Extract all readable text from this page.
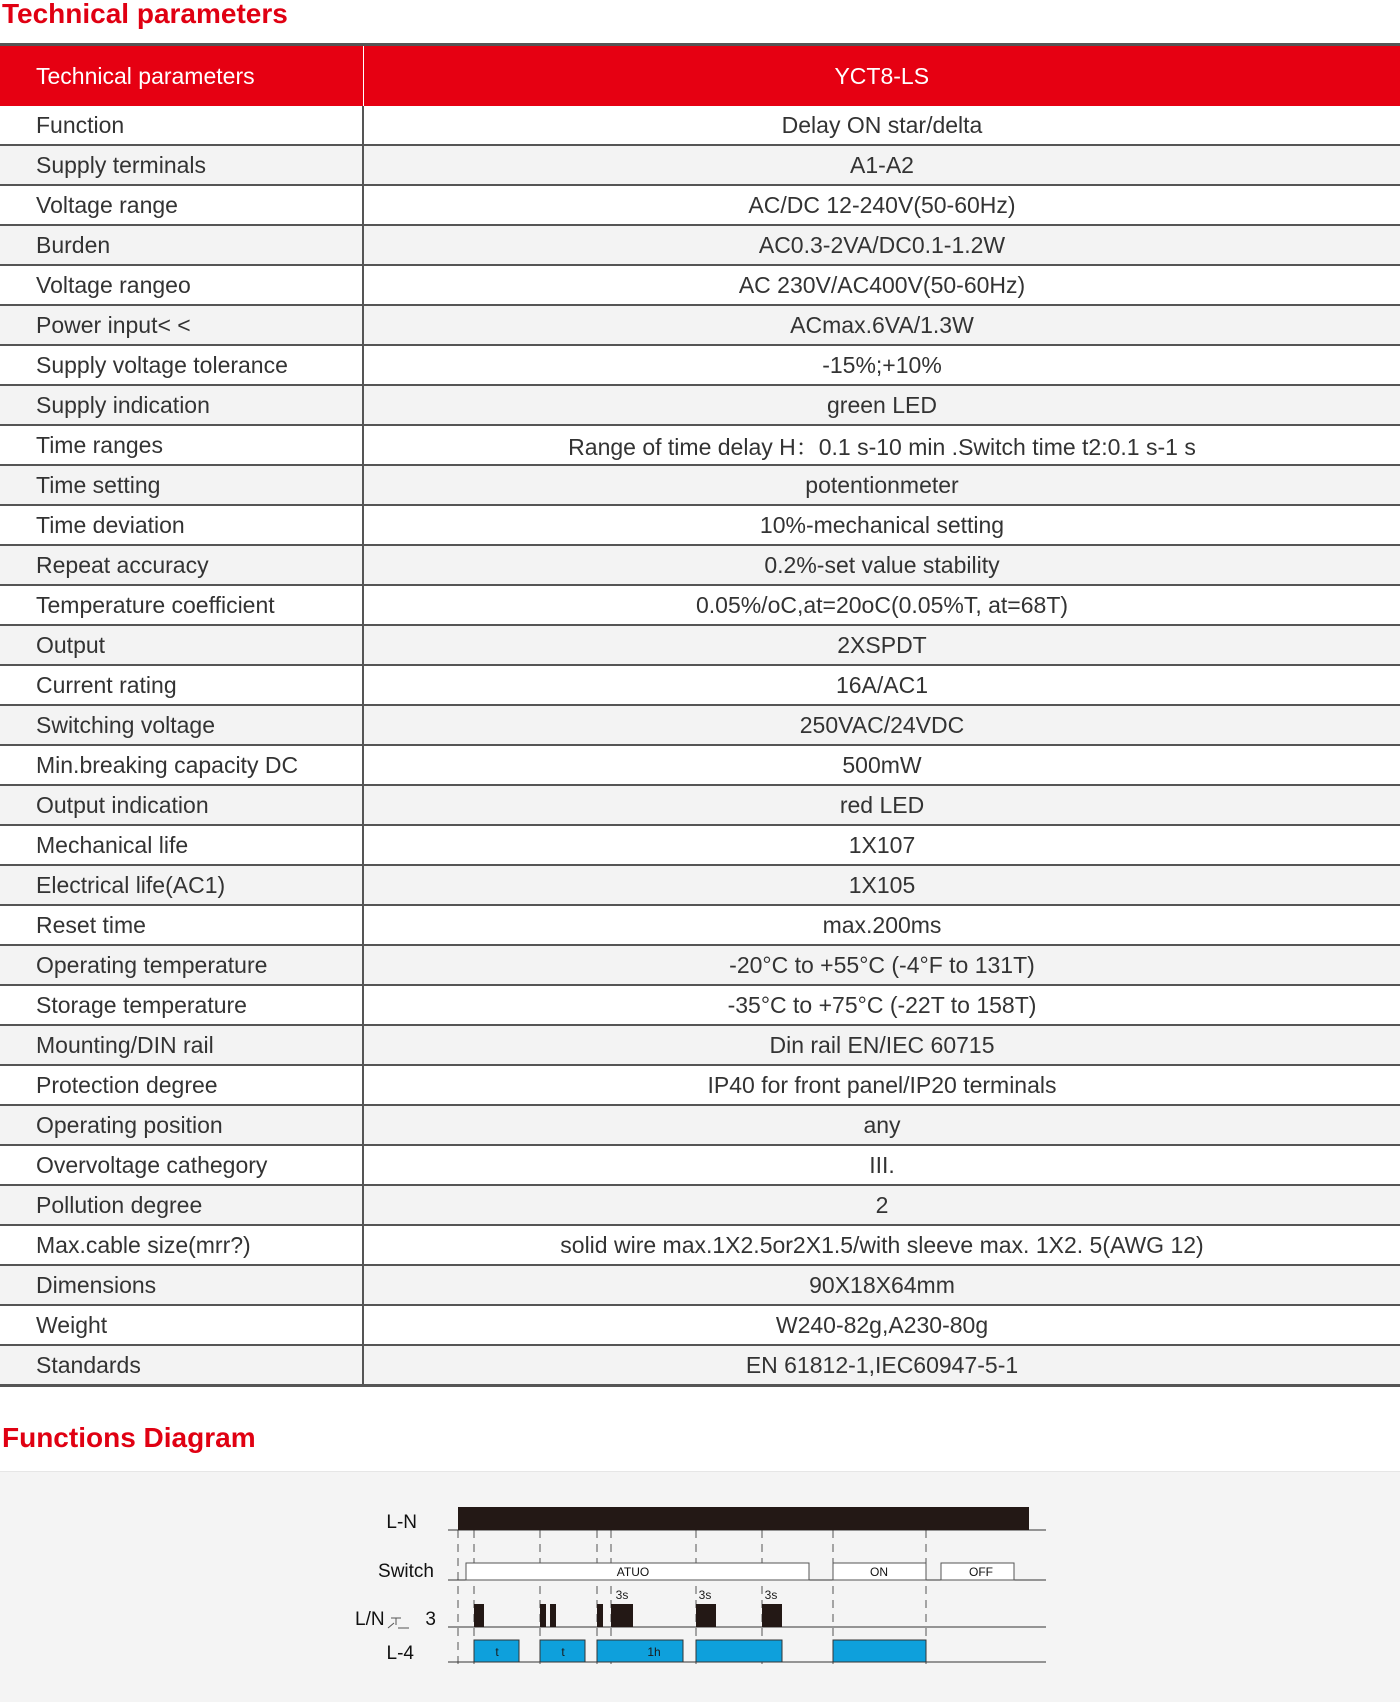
Technical parameters
Technical parameters	YCT8-LS
Function	Delay ON star/delta
Supply terminals	A1-A2
Voltage range	AC/DC 12-240V(50-60Hz)
Burden	AC0.3-2VA/DC0.1-1.2W
Voltage rangeo	AC 230V/AC400V(50-60Hz)
Power input< <	ACmax.6VA/1.3W
Supply voltage tolerance	-15%;+10%
Supply indication	green LED
Time ranges	Range of time delay H：0.1 s-10 min .Switch time t2:0.1 s-1 s
Time setting	potentionmeter
Time deviation	10%-mechanical setting
Repeat accuracy	0.2%-set value stability
Temperature coefficient	0.05%/oC,at=20oC(0.05%T, at=68T)
Output	2XSPDT
Current rating	16A/AC1
Switching voltage	250VAC/24VDC
Min.breaking capacity DC	500mW
Output indication	red LED
Mechanical life	1X107
Electrical life(AC1)	1X105
Reset time	max.200ms
Operating temperature	-20°C to +55°C (-4°F to 131T)
Storage temperature	-35°C to +75°C (-22T to 158T)
Mounting/DIN rail	Din rail EN/IEC 60715
Protection degree	IP40 for front panel/IP20 terminals
Operating position	any
Overvoltage cathegory	III.
Pollution degree	2
Max.cable size(mrr?)	solid wire max.1X2.5or2X1.5/with sleeve max. 1X2. 5(AWG 12)
Dimensions	90X18X64mm
Weight	W240-82g,A230-80g
Standards	EN 61812-1,IEC60947-5-1
Functions Diagram
L-N
Switch
L/N 3
L-4
ATUO	ON	OFF
3s	3s	3s
t	t	1h
